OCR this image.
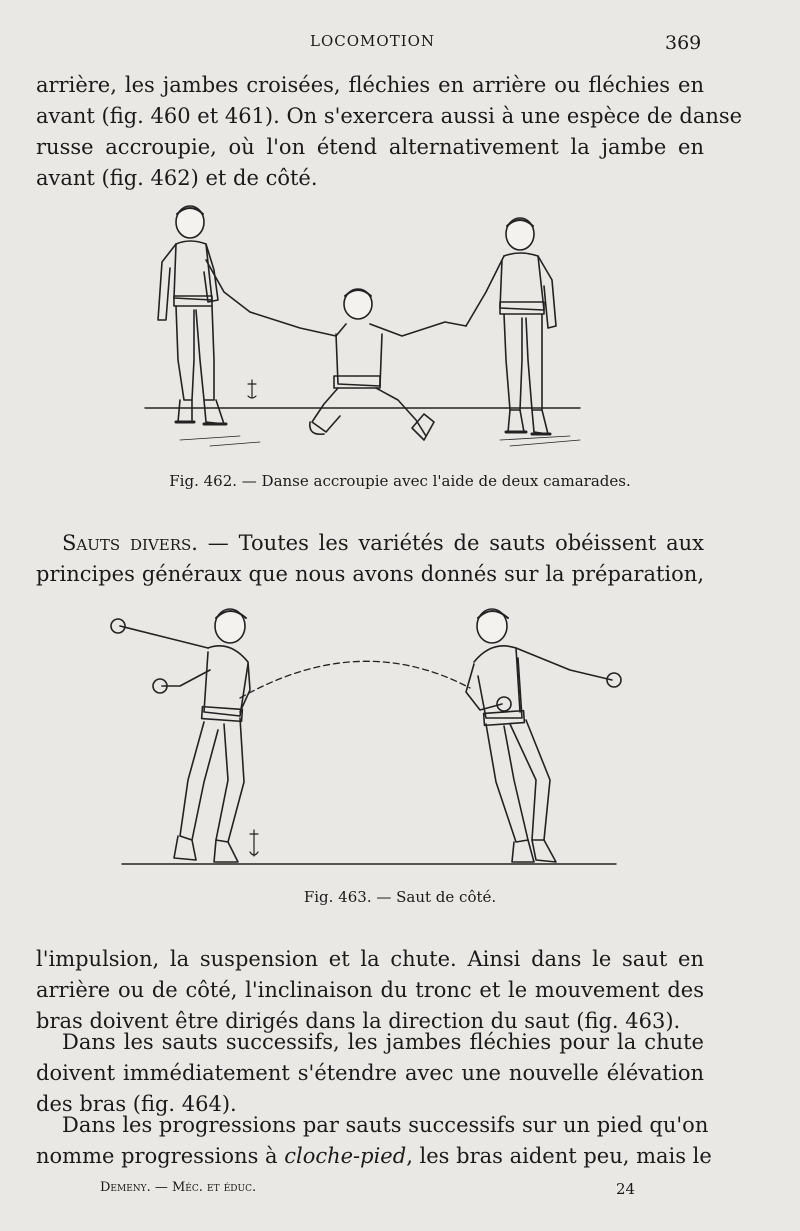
LOCOMOTION	369

arrière, les jambes croisées, fléchies en arrière ou fléchies en
avant (fig. 460 et 461). On s'exercera aussi à une espèce de danse
russe accroupie, où l'on étend alternativement la jambe en
avant (fig. 462) et de côté.

Fig. 462. — Danse accroupie avec l'aide de deux camarades.

Sauts divers. — Toutes les variétés de sauts obéissent aux
principes généraux que nous avons donnés sur la préparation,

Fig. 463. — Saut de côté.

l'impulsion, la suspension et la chute. Ainsi dans le saut en
arrière ou de côté, l'inclinaison du tronc et le mouvement des
bras doivent être dirigés dans la direction du saut (fig. 463).

Dans les sauts successifs, les jambes fléchies pour la chute
doivent immédiatement s'étendre avec une nouvelle élévation
des bras (fig. 464).

Dans les progressions par sauts successifs sur un pied qu'on
nomme progressions à cloche-pied, les bras aident peu, mais le

Demeny. — Méc. et éduc.	24
